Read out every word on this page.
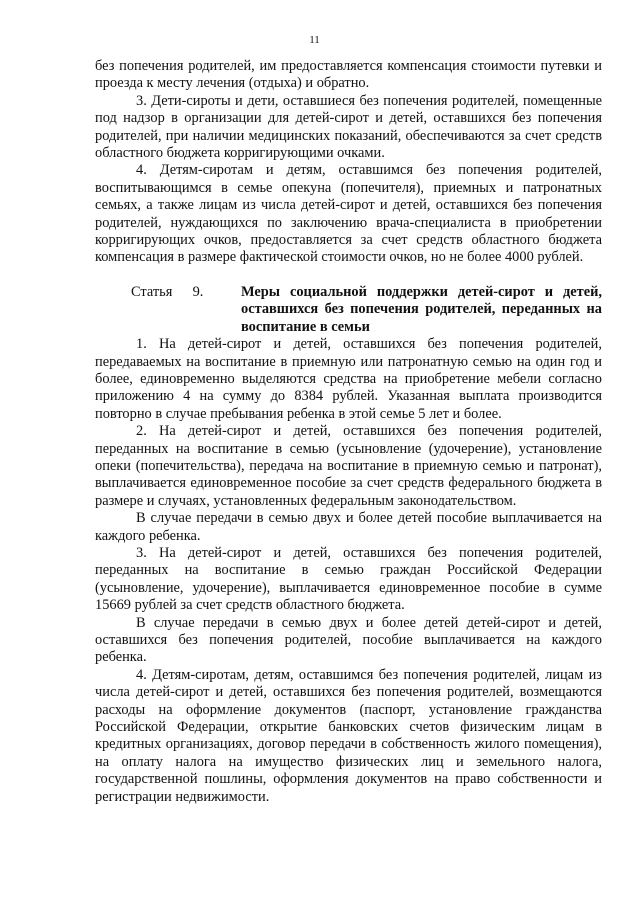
11

без попечения родителей, им предоставляется компенсация стоимости путевки и проезда к месту лечения (отдыха) и обратно.

3. Дети-сироты и дети, оставшиеся без попечения родителей, помещенные под надзор в организации для детей-сирот и детей, оставшихся без попечения родителей, при наличии медицинских показаний, обеспечиваются за счет средств областного бюджета корригирующими очками.

4. Детям-сиротам и детям, оставшимся без попечения родителей, воспитывающимся в семье опекуна (попечителя), приемных и патронатных семьях, а также лицам из числа детей-сирот и детей, оставшихся без попечения родителей, нуждающихся по заключению врача-специалиста в приобретении корригирующих очков, предоставляется за счет средств областного бюджета компенсация в размере фактической стоимости очков, но не более 4000 рублей.

Статья 9.	Меры социальной поддержки детей-сирот и детей, оставшихся без попечения родителей, переданных на воспитание в семьи

1. На детей-сирот и детей, оставшихся без попечения родителей, передаваемых на воспитание в приемную или патронатную семью на один год и более, единовременно выделяются средства на приобретение мебели согласно приложению 4 на сумму до 8384 рублей. Указанная выплата производится повторно в случае пребывания ребенка в этой семье 5 лет и более.

2. На детей-сирот и детей, оставшихся без попечения родителей, переданных на воспитание в семью (усыновление (удочерение), установление опеки (попечительства), передача на воспитание в приемную семью и патронат), выплачивается единовременное пособие за счет средств федерального бюджета в размере и случаях, установленных федеральным законодательством.

В случае передачи в семью двух и более детей пособие выплачивается на каждого ребенка.

3. На детей-сирот и детей, оставшихся без попечения родителей, переданных на воспитание в семью граждан Российской Федерации (усыновление, удочерение), выплачивается единовременное пособие в сумме 15669 рублей за счет средств областного бюджета.

В случае передачи в семью двух и более детей детей-сирот и детей, оставшихся без попечения родителей, пособие выплачивается на каждого ребенка.

4. Детям-сиротам, детям, оставшимся без попечения родителей, лицам из числа детей-сирот и детей, оставшихся без попечения родителей, возмещаются расходы на оформление документов (паспорт, установление гражданства Российской Федерации, открытие банковских счетов физическим лицам в кредитных организациях, договор передачи в собственность жилого помещения), на оплату налога на имущество физических лиц и земельного налога, государственной пошлины, оформления документов на право собственности и регистрации недвижимости.
